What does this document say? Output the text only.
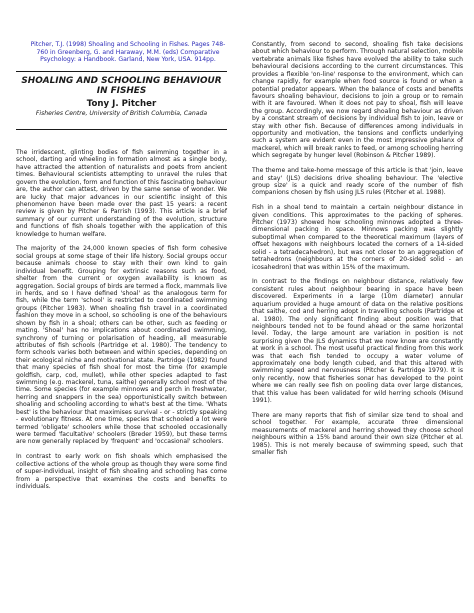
Pitcher, T.J. (1998) Shoaling and Schooling in Fishes. Pages 748-760 in Greenberg, G. and Haraway, M.M. (eds) Comparative Psychology: a Handbook. Garland, New York, USA. 914pp.
SHOALING AND SCHOOLING BEHAVIOUR IN FISHES
Tony J. Pitcher
Fisheries Centre, University of British Columbia, Canada

The irridescent, glinting bodies of fish swimming together in a school, darting and wheeling in formation almost as a single body, have attracted the attention of naturalists and poets from ancient times. Behavioural scientists attempting to unravel the rules that govern the evolution, form and function of this fascinating behaviour are, the author can attest, driven by the same sense of wonder. We are lucky that major advances in our scientific insight of this phenomenon have been made over the past 15 years: a recent review is given by Pitcher & Parrish (1993). This article is a brief summary of our current understanding of the evolution, structure and functions of fish shoals together with the application of this knowledge to human welfare.

The majority of the 24,000 known species of fish form cohesive social groups at some stage of their life history. Social groups occur because animals choose to stay with their own kind to gain individual benefit. Grouping for extrinsic reasons such as food, shelter from the current or oxygen availability is known as aggregation. Social groups of birds are termed a flock, mammals live in herds, and so I have defined 'shoal' as the analogous term for fish, while the term 'school' is restricted to coordinated swimming groups (Pitcher 1983). When shoaling fish travel in a coordinated fashion they move in a school, so schooling is one of the behaviours shown by fish in a shoal; others can be other, such as feeding or mating. 'Shoal' has no implications about coordinated swimming, synchrony of turning or polarisation of heading, all measurable attributes of fish schools (Partridge et al. 1980). The tendency to form schools varies both between and within species, depending on their ecological niche and motivational state. Partridge (1982) found that many species of fish shoal for most the time (for example goldfish, carp, cod, mullet), while other species adapted to fast swimming (e.g. mackerel, tuna, saithe) generally school most of the time. Some species (for example minnows and perch in freshwater, herring and snappers in the sea) opportunistically switch between shoaling and schooling according to what's best at the time. 'Whats best' is the behaviour that maximises survival - or - strictly speaking - evolutionary fitness. At one time, species that schooled a lot were termed 'obligate' schoolers while those that schooled occasionally were termed 'facultative' schoolers (Breder 1959), but these terms are now generally replaced by 'frequent' and 'occasional' schoolers.

In contrast to early work on fish shoals which emphasised the collective actions of the whole group as though they were some find of super-individual, insight of fish shoaling and schooling has come from a perspective that examines the costs and benefits to individuals.

Constantly, from second to second, shoaling fish take decisions about which behaviour to perform. Through natural selection, mobile vertebrate animals like fishes have evolved the ability to take such behavioural decisions according to the current circumstances. This provides a flexible 'on-line' response to the environment, which can change rapidly, for example when food source is found or when a potential predator appears. When the balance of costs and benefits favours shoaling behaviour, decisions to join a group or to remain with it are favoured. When it does not pay to shoal, fish will leave the group. Accordingly, we now regard shoaling behaviour as driven by a constant stream of decisions by individual fish to join, leave or stay with other fish. Because of differences among individuals in opportunity and motivation, the tensions and conflicts underlying such a system are evident even in the most impressive phalanx of mackerel, which will break ranks to feed, or among schooling herring which segregate by hunger level (Robinson & Pitcher 1989).

The theme and take-home message of this article is that 'join, leave and stay' (JLS) decisions drive shoaling behaviour. The 'elective group size' is a quick and ready score of the number of fish companions chosen by fish using JLS rules (Pitcher et al. 1988).

Fish in a shoal tend to maintain a certain neighbour distance in given conditions. This approximates to the packing of spheres. Pitcher (1973) showed how schooling minnows adopted a three-dimensional packing in space. Minnows packing was slightly suboptimal when compared to the theoretical maximum (layers of offset hexagons with neighbours located the corners of a 14-sided solid - a tetradecahedron), but was not closer to an aggregation of tetrahedrons (neighbours at the corners of 20-sided solid - an icosahedron) that was within 15% of the maximum.

In contrast to the findings on neighbour distance, relatively few consistent rules about neighbour bearing in space have been discovered. Experiments in a large (10m diameter) annular aquarium provided a huge amount of data on the relative positions that saithe, cod and herring adopt in travelling schools (Partridge et al. 1980). The only significant finding about position was that neighbours tended not to be found ahead or the same horizontal level. Today, the large amount are variation in position is not surprising given the JLS dynamics that we now know are constantly at work in a school. The most useful practical finding from this work was that each fish tended to occupy a water volume of approximately one body length cubed, and that this altered with swimming speed and nervousness (Pitcher & Partridge 1979). It is only recently, now that fisheries sonar has developed to the point where we can really see fish on pooling data over large distances, that this value has been validated for wild herring schools (Misund 1991).

There are many reports that fish of similar size tend to shoal and school together. For example, accurate three dimensional measurements of mackerel and herring showed they choose school neighbours within a 15% band around their own size (Pitcher et al. 1985). This is not merely because of swimming speed, such that smaller fish
